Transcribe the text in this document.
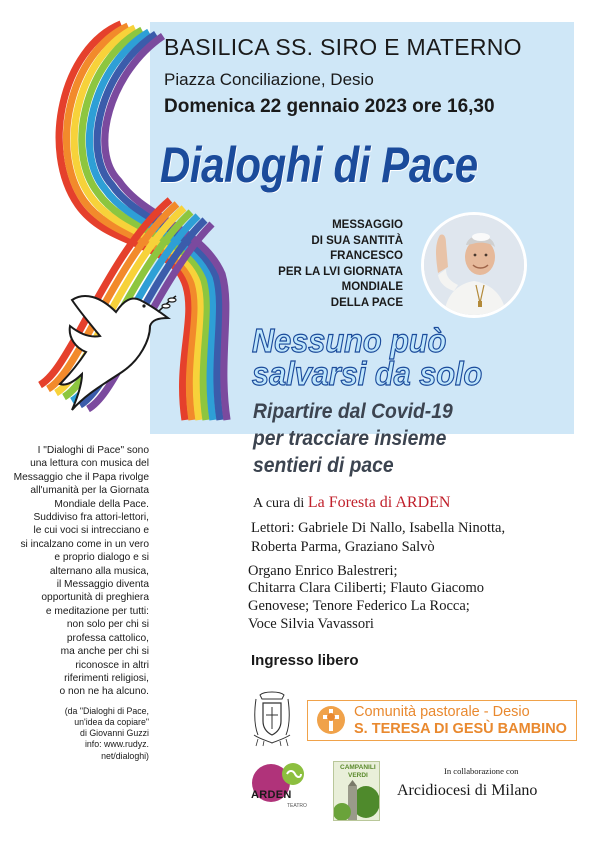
BASILICA SS. SIRO E MATERNO
Piazza Conciliazione, Desio
Domenica 22 gennaio 2023 ore 16,30
Dialoghi di Pace
MESSAGGIO
DI SUA SANTITÀ
FRANCESCO
PER LA LVI GIORNATA
MONDIALE
DELLA PACE
Nessuno può
salvarsi da solo
Ripartire dal Covid-19
per tracciare insieme
sentieri di pace
A cura di La Foresta di ARDEN
Lettori: Gabriele Di Nallo, Isabella Ninotta,
Roberta Parma, Graziano Salvò
Organo Enrico Balestreri;
Chitarra Clara Ciliberti; Flauto Giacomo
Genovese; Tenore Federico La Rocca;
Voce Silvia Vavassori
Ingresso libero
I "Dialoghi di Pace" sono
una lettura con musica del
Messaggio che il Papa rivolge
all'umanità per la Giornata
Mondiale della Pace.
Suddiviso fra attori-lettori,
le cui voci si intrecciano e
si incalzano come in un vero
e proprio dialogo e si
alternano alla musica,
il Messaggio diventa
opportunità di preghiera
e meditazione per tutti:
non solo per chi si
professa cattolico,
ma anche per chi si
riconosce in altri
riferimenti religiosi,
o non ne ha alcuno.
(da "Dialoghi di Pace,
un'idea da copiare"
di Giovanni Guzzi
info: www.rudyz.
net/dialoghi)
Comunità pastorale - Desio
S. TERESA DI GESÙ BAMBINO
ARDEN
TEATRO
CAMPANILI
VERDI	In collaborazione con
Arcidiocesi di Milano
